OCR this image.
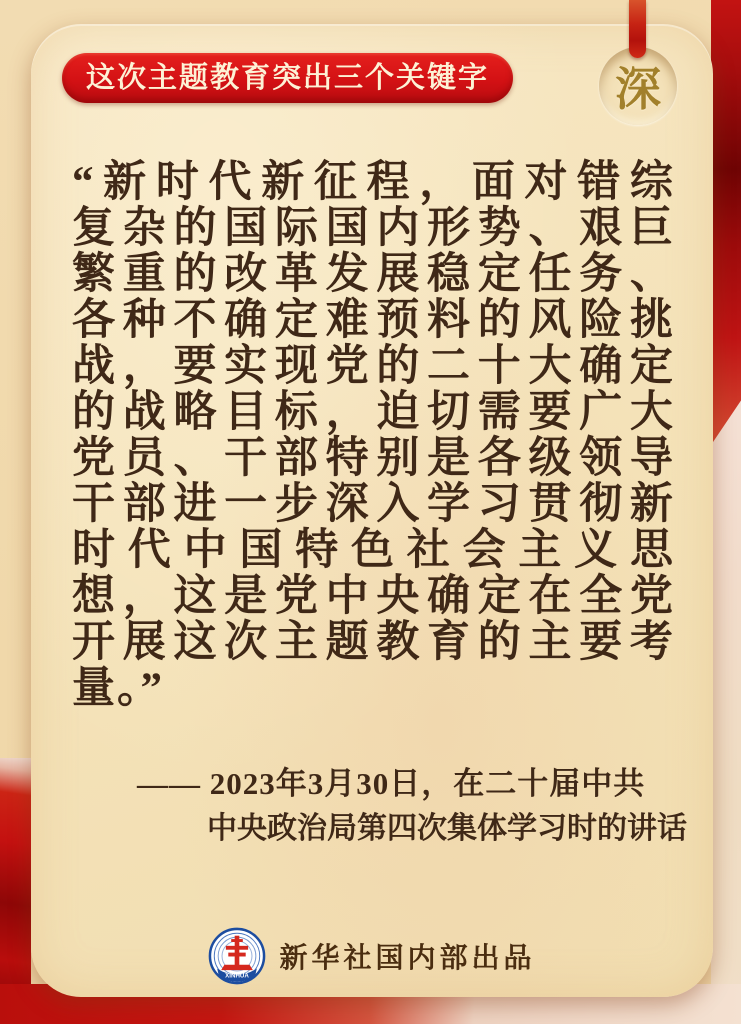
这次主题教育突出三个关键字	深
“ 新 时 代 新 征 程 ， 面 对 错 综
复 杂 的 国 际 国 内 形 势 、 艰 巨
繁 重 的 改 革 发 展 稳 定 任 务 、
各 种 不 确 定 难 预 料 的 风 险 挑
战 ， 要 实 现 党 的 二 十 大 确 定
的 战 略 目 标 ， 迫 切 需 要 广 大
党 员 、 干 部 特 别 是 各 级 领 导
干 部 进 一 步 深 入 学 习 贯 彻 新
时 代 中 国 特 色 社 会 主 义 思
想 ， 这 是 党 中 央 确 定 在 全 党
开 展 这 次 主 题 教 育 的 主 要 考
量。”
—— 2023年3月30日，在二十届中共
中央政治局第四次集体学习时的讲话
XINHUA
新华社国内部出品
